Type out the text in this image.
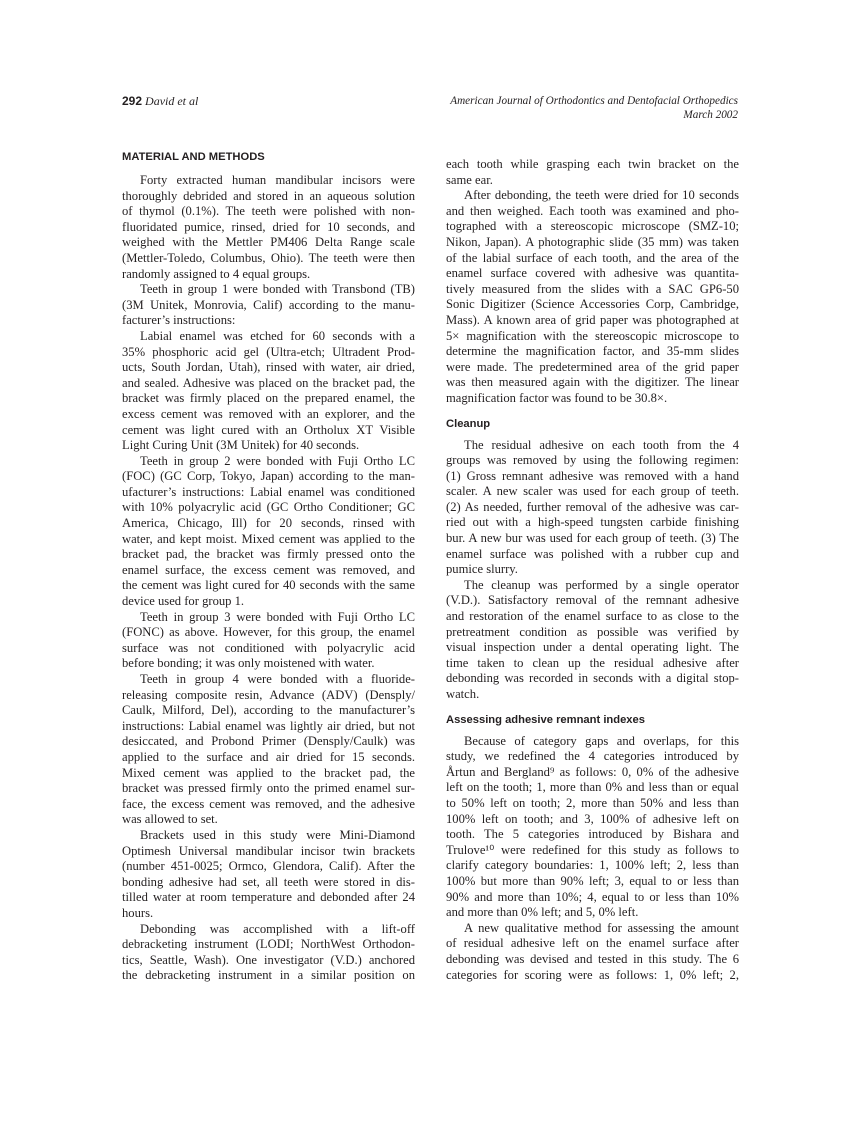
292 David et al	American Journal of Orthodontics and Dentofacial Orthopedics
March 2002
MATERIAL AND METHODS
Forty extracted human mandibular incisors were
thoroughly debrided and stored in an aqueous solution
of thymol (0.1%). The teeth were polished with non-
fluoridated pumice, rinsed, dried for 10 seconds, and
weighed with the Mettler PM406 Delta Range scale
(Mettler-Toledo, Columbus, Ohio). The teeth were then
randomly assigned to 4 equal groups.
Teeth in group 1 were bonded with Transbond (TB)
(3M Unitek, Monrovia, Calif) according to the manu-
facturer’s instructions:
Labial enamel was etched for 60 seconds with a
35% phosphoric acid gel (Ultra-etch; Ultradent Prod-
ucts, South Jordan, Utah), rinsed with water, air dried,
and sealed. Adhesive was placed on the bracket pad, the
bracket was firmly placed on the prepared enamel, the
excess cement was removed with an explorer, and the
cement was light cured with an Ortholux XT Visible
Light Curing Unit (3M Unitek) for 40 seconds.
Teeth in group 2 were bonded with Fuji Ortho LC
(FOC) (GC Corp, Tokyo, Japan) according to the man-
ufacturer’s instructions: Labial enamel was conditioned
with 10% polyacrylic acid (GC Ortho Conditioner; GC
America, Chicago, Ill) for 20 seconds, rinsed with
water, and kept moist. Mixed cement was applied to the
bracket pad, the bracket was firmly pressed onto the
enamel surface, the excess cement was removed, and
the cement was light cured for 40 seconds with the same
device used for group 1.
Teeth in group 3 were bonded with Fuji Ortho LC
(FONC) as above. However, for this group, the enamel
surface was not conditioned with polyacrylic acid
before bonding; it was only moistened with water.
Teeth in group 4 were bonded with a fluoride-
releasing composite resin, Advance (ADV) (Densply/
Caulk, Milford, Del), according to the manufacturer’s
instructions: Labial enamel was lightly air dried, but not
desiccated, and Probond Primer (Densply/Caulk) was
applied to the surface and air dried for 15 seconds.
Mixed cement was applied to the bracket pad, the
bracket was pressed firmly onto the primed enamel sur-
face, the excess cement was removed, and the adhesive
was allowed to set.
Brackets used in this study were Mini-Diamond
Optimesh Universal mandibular incisor twin brackets
(number 451-0025; Ormco, Glendora, Calif). After the
bonding adhesive had set, all teeth were stored in dis-
tilled water at room temperature and debonded after 24
hours.
Debonding was accomplished with a lift-off
debracketing instrument (LODI; NorthWest Orthodon-
tics, Seattle, Wash). One investigator (V.D.) anchored
the debracketing instrument in a similar position on
each tooth while grasping each twin bracket on the
same ear.
After debonding, the teeth were dried for 10 seconds
and then weighed. Each tooth was examined and pho-
tographed with a stereoscopic microscope (SMZ-10;
Nikon, Japan). A photographic slide (35 mm) was taken
of the labial surface of each tooth, and the area of the
enamel surface covered with adhesive was quantita-
tively measured from the slides with a SAC GP6-50
Sonic Digitizer (Science Accessories Corp, Cambridge,
Mass). A known area of grid paper was photographed at
5× magnification with the stereoscopic microscope to
determine the magnification factor, and 35-mm slides
were made. The predetermined area of the grid paper
was then measured again with the digitizer. The linear
magnification factor was found to be 30.8×.
Cleanup
The residual adhesive on each tooth from the 4
groups was removed by using the following regimen:
(1) Gross remnant adhesive was removed with a hand
scaler. A new scaler was used for each group of teeth.
(2) As needed, further removal of the adhesive was car-
ried out with a high-speed tungsten carbide finishing
bur. A new bur was used for each group of teeth. (3) The
enamel surface was polished with a rubber cup and
pumice slurry.
The cleanup was performed by a single operator
(V.D.). Satisfactory removal of the remnant adhesive
and restoration of the enamel surface to as close to the
pretreatment condition as possible was verified by
visual inspection under a dental operating light. The
time taken to clean up the residual adhesive after
debonding was recorded in seconds with a digital stop-
watch.
Assessing adhesive remnant indexes
Because of category gaps and overlaps, for this
study, we redefined the 4 categories introduced by
Årtun and Bergland⁹ as follows: 0, 0% of the adhesive
left on the tooth; 1, more than 0% and less than or equal
to 50% left on tooth; 2, more than 50% and less than
100% left on tooth; and 3, 100% of adhesive left on
tooth. The 5 categories introduced by Bishara and
Trulove¹⁰ were redefined for this study as follows to
clarify category boundaries: 1, 100% left; 2, less than
100% but more than 90% left; 3, equal to or less than
90% and more than 10%; 4, equal to or less than 10%
and more than 0% left; and 5, 0% left.
A new qualitative method for assessing the amount
of residual adhesive left on the enamel surface after
debonding was devised and tested in this study. The 6
categories for scoring were as follows: 1, 0% left; 2,
